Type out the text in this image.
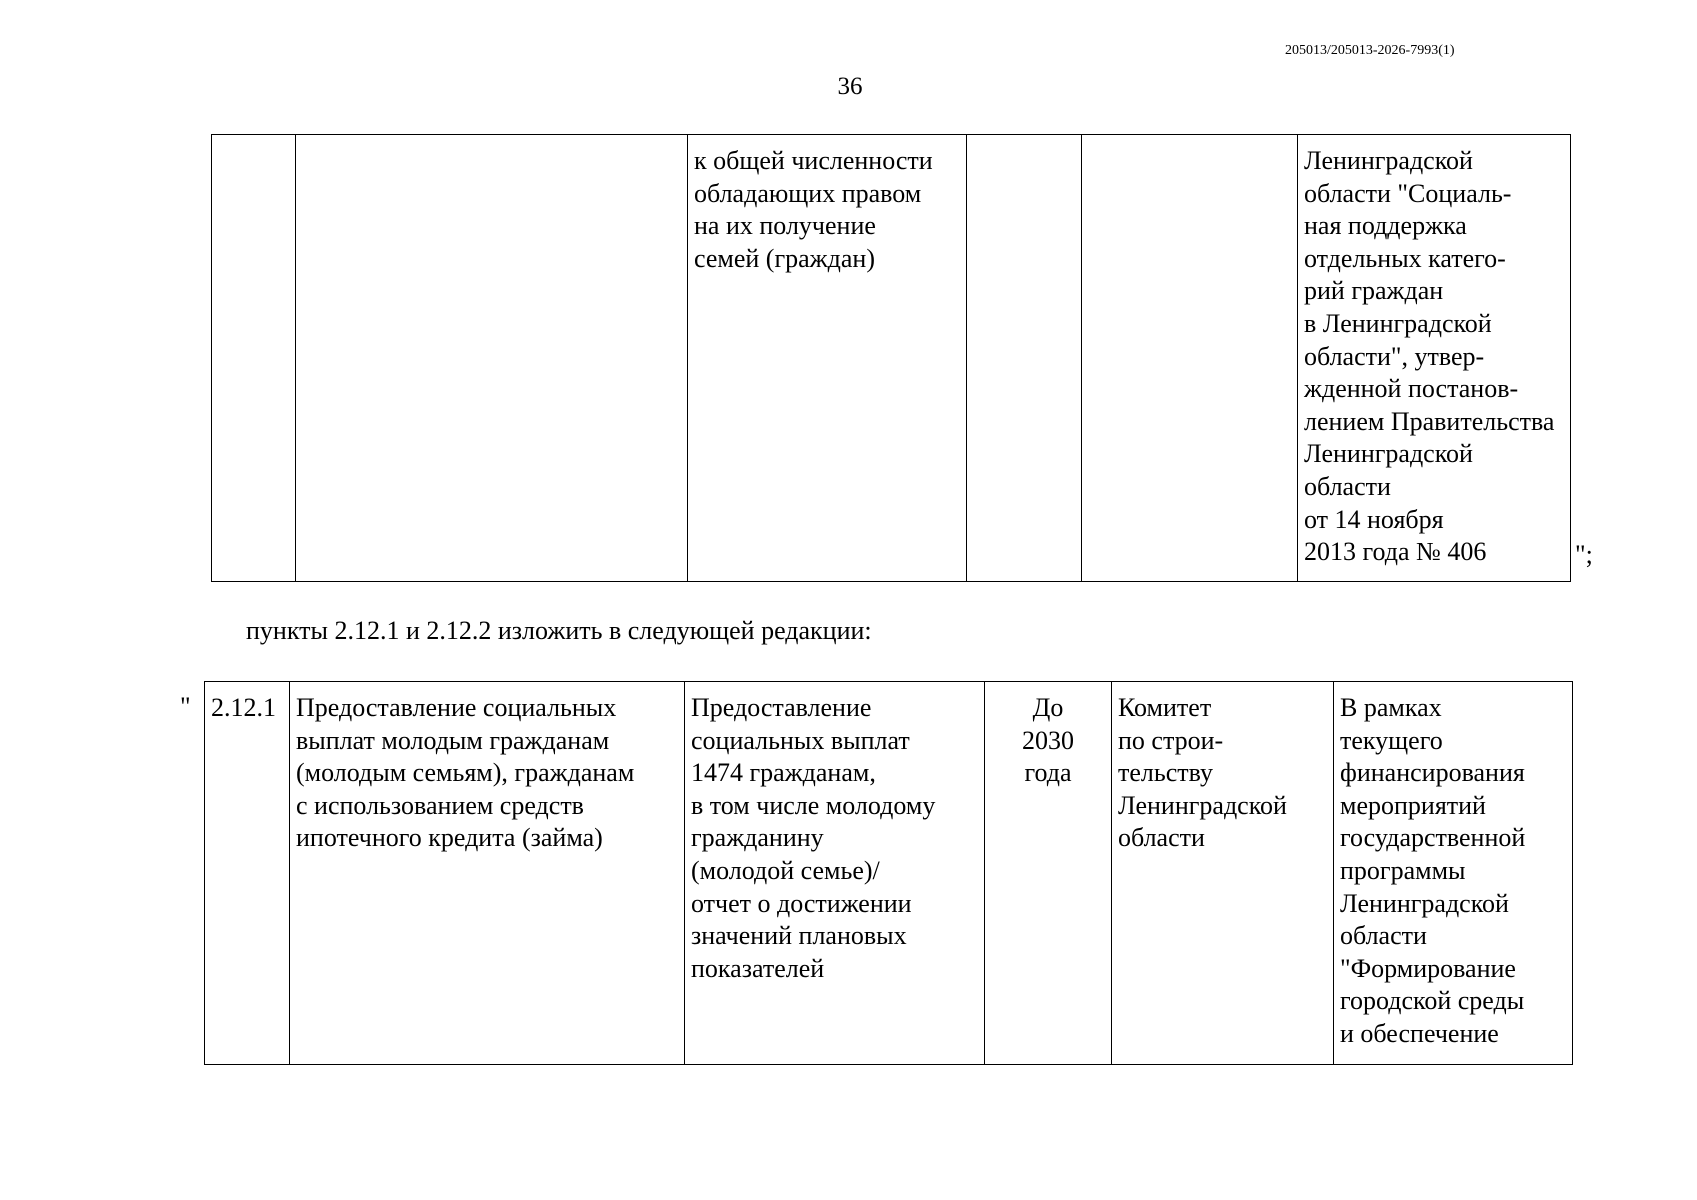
205013/205013-2026-7993(1)
36
		к общей численности
обладающих правом
на их получение
семей (граждан)			Ленинградской
области "Социаль-
ная поддержка
отдельных катего-
рий граждан
в Ленинградской
области", утвер-
жденной постанов-
лением Правительства
Ленинградской
области
от 14 ноября
2013 года № 406	";
пункты 2.12.1 и 2.12.2 изложить в следующей редакции:
" 2.12.1	Предоставление социальных
выплат молодым гражданам
(молодым семьям), гражданам
с использованием средств
ипотечного кредита (займа)	Предоставление
социальных выплат
1474 гражданам,
в том числе молодому
гражданину
(молодой семье)/
отчет о достижении
значений плановых
показателей	До
2030
года	Комитет
по строи-
тельству
Ленинградской
области	В рамках
текущего
финансирования
мероприятий
государственной
программы
Ленинградской
области
"Формирование
городской среды
и обеспечение
